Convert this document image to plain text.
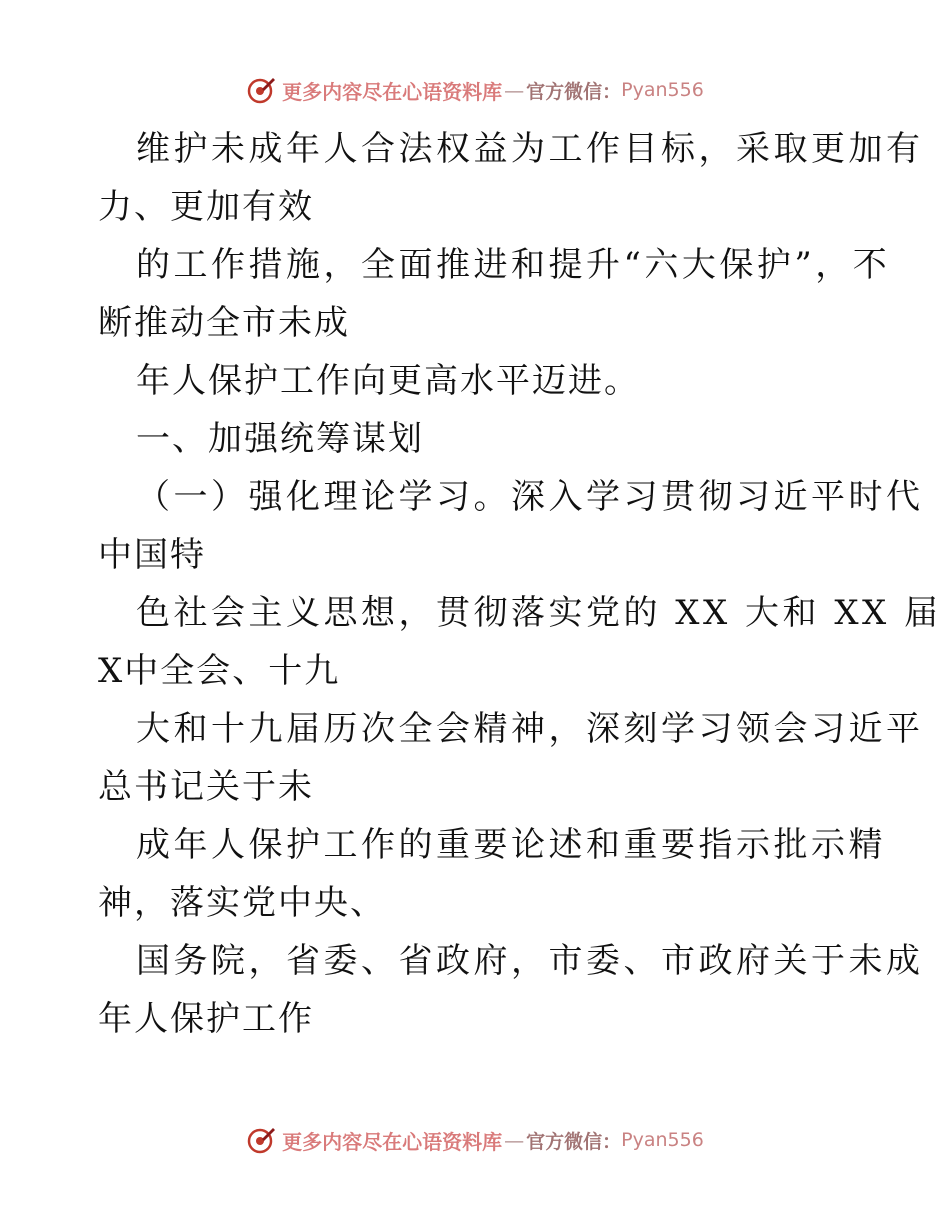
更多内容尽在心语资料库 — 官方微信： Pyan556
维护未成年人合法权益为工作目标，采取更加有
力、更加有效
的工作措施，全面推进和提升“六大保护”，不
断推动全市未成
年人保护工作向更高水平迈进。
一、加强统筹谋划
（一）强化理论学习。深入学习贯彻习近平时代
中国特
色社会主义思想，贯彻落实党的 XX 大和 XX 届
X中全会、十九
大和十九届历次全会精神，深刻学习领会习近平
总书记关于未
成年人保护工作的重要论述和重要指示批示精
神，落实党中央、
国务院，省委、省政府，市委、市政府关于未成
年人保护工作
更多内容尽在心语资料库 — 官方微信： Pyan556
